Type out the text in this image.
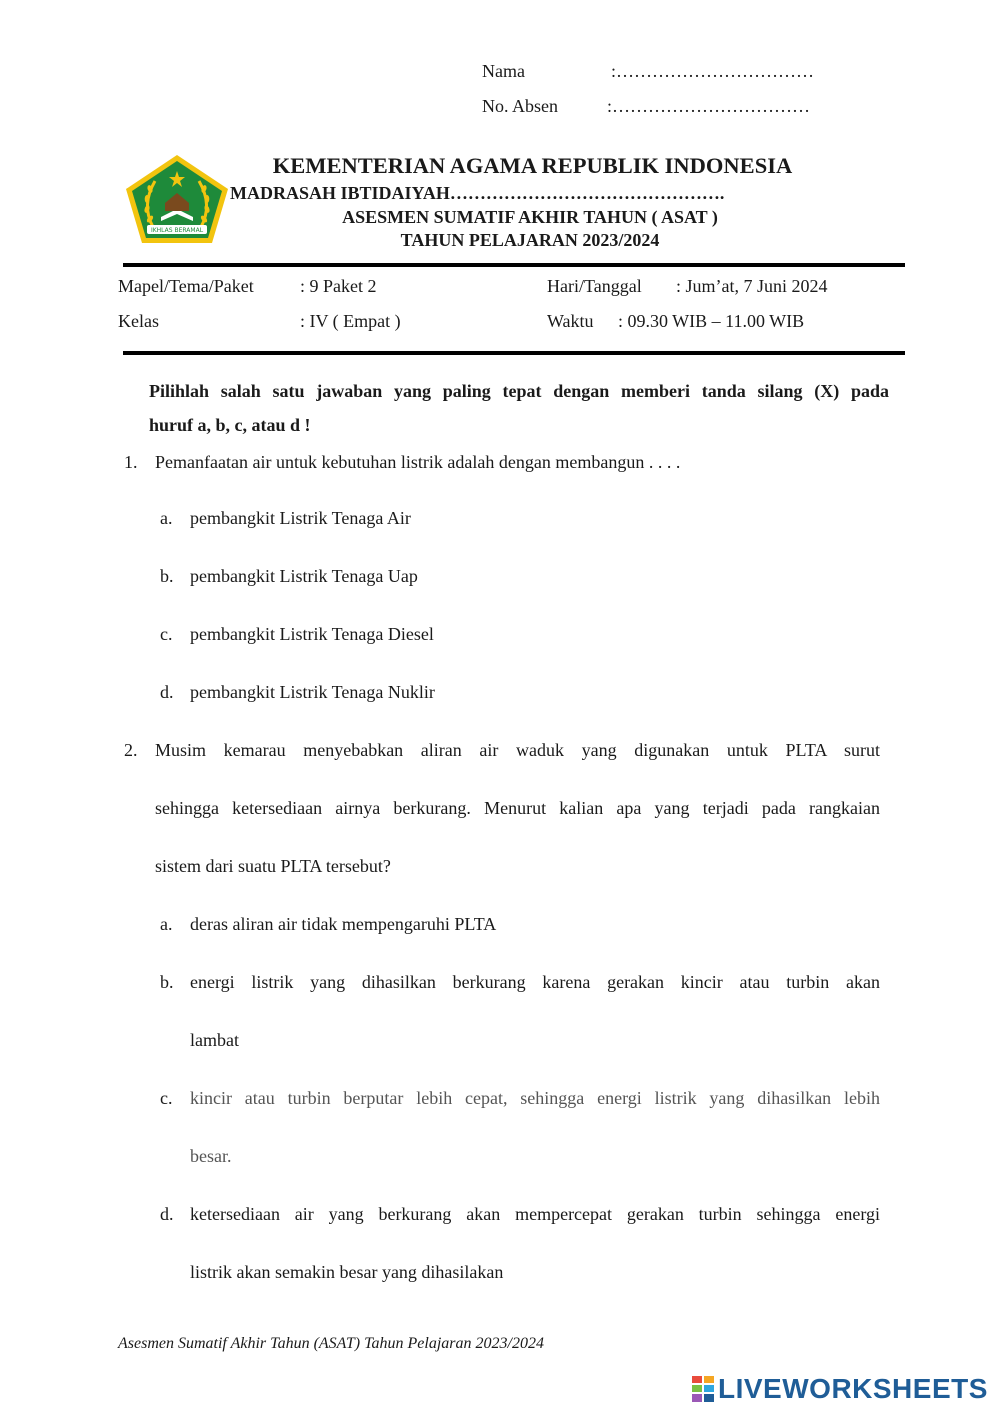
Nama	:……………………………
No. Absen	:……………………………
IKHLAS BERAMAL
KEMENTERIAN AGAMA REPUBLIK INDONESIA
MADRASAH IBTIDAIYAH……………………………………….
ASESMEN SUMATIF AKHIR TAHUN ( ASAT )
TAHUN PELAJARAN 2023/2024
Mapel/Tema/Paket	: 9 Paket 2	Hari/Tanggal : Jum’at, 7 Juni 2024
Kelas	: IV ( Empat )	Waktu : 09.30 WIB – 11.00 WIB
Pilihlah salah satu jawaban yang paling tepat dengan memberi tanda silang (X) pada
huruf a, b, c, atau d !
1. Pemanfaatan air untuk kebutuhan listrik adalah dengan membangun . . . .
a. pembangkit Listrik Tenaga Air
b. pembangkit Listrik Tenaga Uap
c. pembangkit Listrik Tenaga Diesel
d. pembangkit Listrik Tenaga Nuklir
2. Musim kemarau menyebabkan aliran air waduk yang digunakan untuk PLTA surut
sehingga ketersediaan airnya berkurang. Menurut kalian apa yang terjadi pada rangkaian
sistem dari suatu PLTA tersebut?
a. deras aliran air tidak mempengaruhi PLTA
b. energi listrik yang dihasilkan berkurang karena gerakan kincir atau turbin akan
lambat
c. kincir atau turbin berputar lebih cepat, sehingga energi listrik yang dihasilkan lebih
besar.
d. ketersediaan air yang berkurang akan mempercepat gerakan turbin sehingga energi
listrik akan semakin besar yang dihasilakan
Asesmen Sumatif Akhir Tahun (ASAT) Tahun Pelajaran 2023/2024
LIVEWORKSHEETS
